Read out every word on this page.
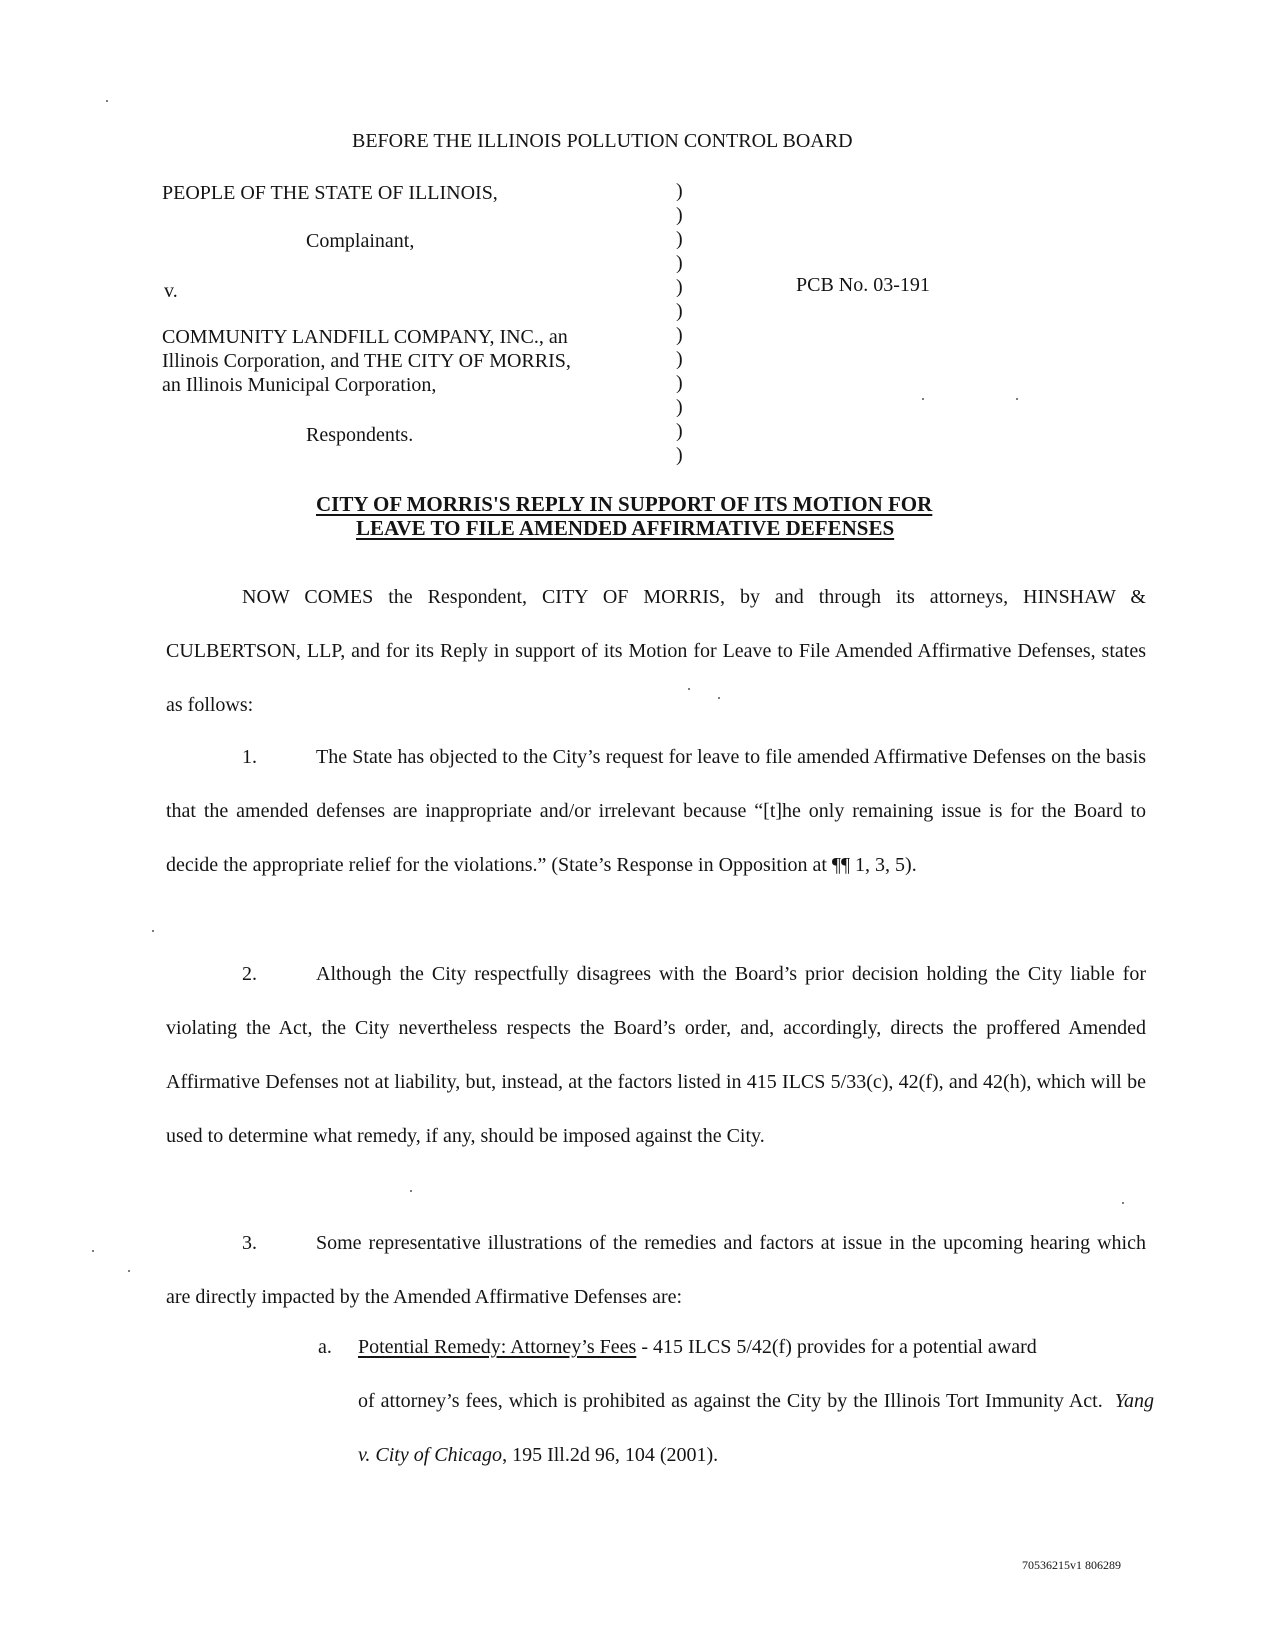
BEFORE THE ILLINOIS POLLUTION CONTROL BOARD
PEOPLE OF THE STATE OF ILLINOIS,
Complainant,
v.
COMMUNITY LANDFILL COMPANY, INC., an
Illinois Corporation, and THE CITY OF MORRIS,
an Illinois Municipal Corporation,
Respondents.
)
)
)
)
)
)
)
)
)
)
)
)
PCB No. 03-191
CITY OF MORRIS'S REPLY IN SUPPORT OF ITS MOTION FOR
LEAVE TO FILE AMENDED AFFIRMATIVE DEFENSES
NOW COMES the Respondent, CITY OF MORRIS, by and through its attorneys, HINSHAW & CULBERTSON, LLP, and for its Reply in support of its Motion for Leave to File Amended Affirmative Defenses, states as follows:
1.	The State has objected to the City’s request for leave to file amended Affirmative Defenses on the basis that the amended defenses are inappropriate and/or irrelevant because “[t]he only remaining issue is for the Board to decide the appropriate relief for the violations.” (State’s Response in Opposition at ¶¶ 1, 3, 5).
2.	Although the City respectfully disagrees with the Board’s prior decision holding the City liable for violating the Act, the City nevertheless respects the Board’s order, and, accordingly, directs the proffered Amended Affirmative Defenses not at liability, but, instead, at the factors listed in 415 ILCS 5/33(c), 42(f), and 42(h), which will be used to determine what remedy, if any, should be imposed against the City.
3.	Some representative illustrations of the remedies and factors at issue in the upcoming hearing which are directly impacted by the Amended Affirmative Defenses are:
a. Potential Remedy: Attorney’s Fees - 415 ILCS 5/42(f) provides for a potential award
of attorney’s fees, which is prohibited as against the City by the Illinois Tort Immunity Act. Yang v. City of Chicago, 195 Ill.2d 96, 104 (2001).
70536215v1 806289
